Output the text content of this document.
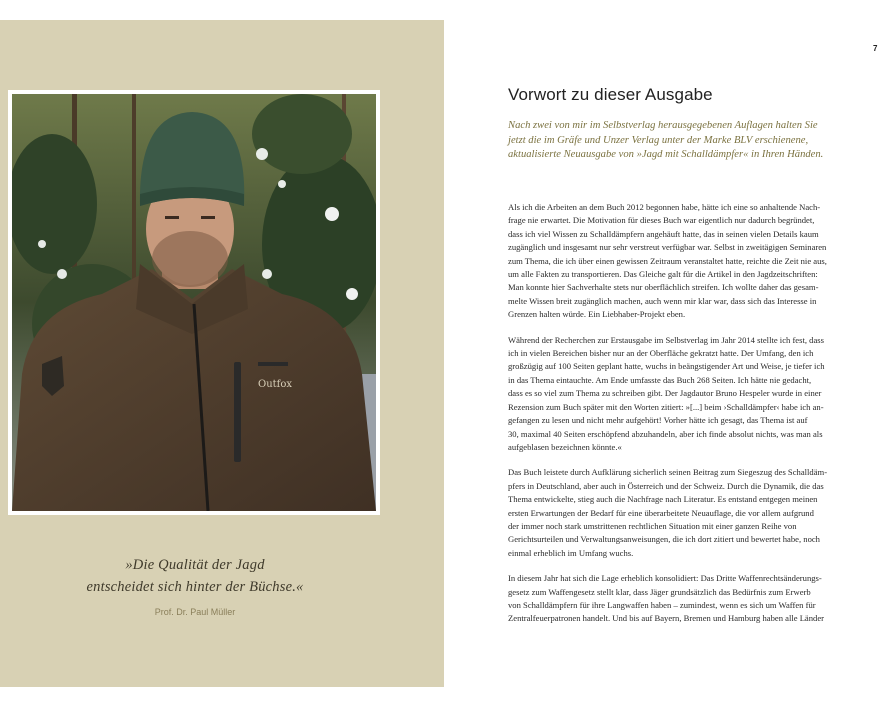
Outfox
»Die Qualität der Jagd
entscheidet sich hinter der Büchse.«
Prof. Dr. Paul Müller
7
Vorwort zu dieser Ausgabe

Nach zwei von mir im Selbstverlag herausgegebenen Auflagen halten Sie
jetzt die im Gräfe und Unzer Verlag unter der Marke BLV erschienene,
aktualisierte Neuausgabe von »Jagd mit Schalldämpfer« in Ihren Händen.

Als ich die Arbeiten an dem Buch 2012 begonnen habe, hätte ich eine so anhaltende Nach-
frage nie erwartet. Die Motivation für dieses Buch war eigentlich nur dadurch begründet,
dass ich viel Wissen zu Schalldämpfern angehäuft hatte, das in seinen vielen Details kaum
zugänglich und insgesamt nur sehr verstreut verfügbar war. Selbst in zweitägigen Seminaren
zum Thema, die ich über einen gewissen Zeitraum veranstaltet hatte, reichte die Zeit nie aus,
um alle Fakten zu transportieren. Das Gleiche galt für die Artikel in den Jagdzeitschriften:
Man konnte hier Sachverhalte stets nur oberflächlich streifen. Ich wollte daher das gesam-
melte Wissen breit zugänglich machen, auch wenn mir klar war, dass sich das Interesse in
Grenzen halten würde. Ein Liebhaber-Projekt eben.

Während der Recherchen zur Erstausgabe im Selbstverlag im Jahr 2014 stellte ich fest, dass
ich in vielen Bereichen bisher nur an der Oberfläche gekratzt hatte. Der Umfang, den ich
großzügig auf 100 Seiten geplant hatte, wuchs in beängstigender Art und Weise, je tiefer ich
in das Thema eintauchte. Am Ende umfasste das Buch 268 Seiten. Ich hätte nie gedacht,
dass es so viel zum Thema zu schreiben gibt. Der Jagdautor Bruno Hespeler wurde in einer
Rezension zum Buch später mit den Worten zitiert: »[...] beim ›Schalldämpfer‹ habe ich an-
gefangen zu lesen und nicht mehr aufgehört! Vorher hätte ich gesagt, das Thema ist auf
30, maximal 40 Seiten erschöpfend abzuhandeln, aber ich finde absolut nichts, was man als
aufgeblasen bezeichnen könnte.«

Das Buch leistete durch Aufklärung sicherlich seinen Beitrag zum Siegeszug des Schalldäm-
pfers in Deutschland, aber auch in Österreich und der Schweiz. Durch die Dynamik, die das
Thema entwickelte, stieg auch die Nachfrage nach Literatur. Es entstand entgegen meinen
ersten Erwartungen der Bedarf für eine überarbeitete Neuauflage, die vor allem aufgrund
der immer noch stark umstrittenen rechtlichen Situation mit einer ganzen Reihe von
Gerichtsurteilen und Verwaltungsanweisungen, die ich dort zitiert und bewertet habe, noch
einmal erheblich im Umfang wuchs.

In diesem Jahr hat sich die Lage erheblich konsolidiert: Das Dritte Waffenrechtsänderungs-
gesetz zum Waffengesetz stellt klar, dass Jäger grundsätzlich das Bedürfnis zum Erwerb
von Schalldämpfern für ihre Langwaffen haben – zumindest, wenn es sich um Waffen für
Zentralfeuerpatronen handelt. Und bis auf Bayern, Bremen und Hamburg haben alle Länder
